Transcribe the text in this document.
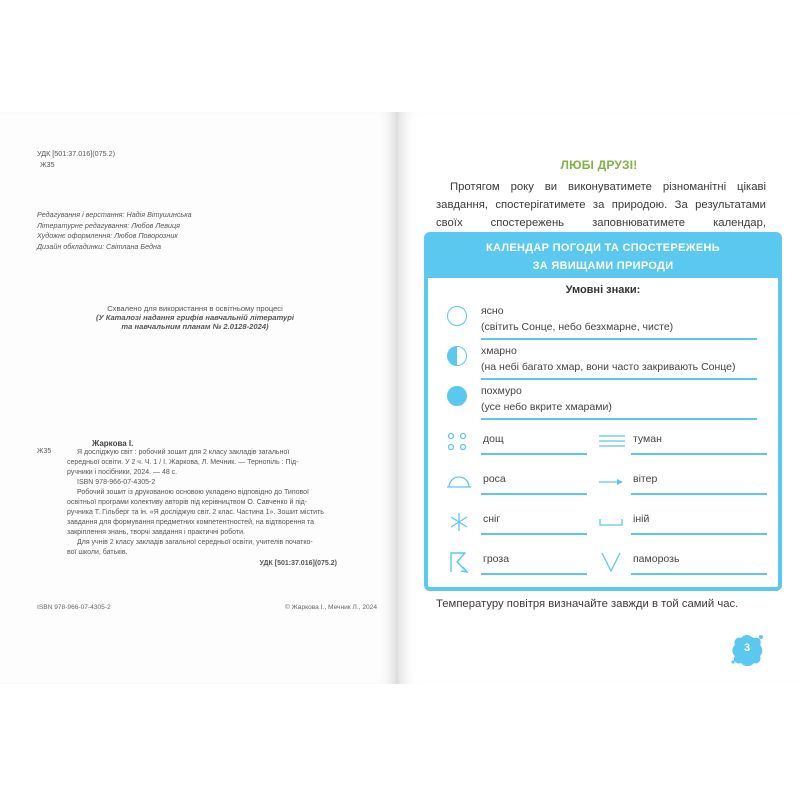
УДК [501:37.016](075.2)
Ж35
Редагування і верстання: Надія Вітушинська
Літературне редагування: Любов Левиця
Художнє оформлення: Любов Поворозник
Дизайн обкладинки: Світлана Бедна
Схвалено для використання в освітньому процесі
(У Каталозі надання грифів навчальній літературі
та навчальним планам № 2.0128-2024)
Жаркова І.
Ж35	Я досліджую світ : робочий зошит для 2 класу закладів загальної
середньої освіти. У 2 ч. Ч. 1 / І. Жаркова, Л. Мечник. — Тернопіль : Під-
ручники і посібники, 2024. — 48 с.
ISBN 978-966-07-4305-2
Робочий зошит із друкованою основою укладено відповідно до Типової
освітньої програми колективу авторів під керівництвом О. Савченко й під-
ручника Т. Гільберг та ін. «Я досліджую світ. 2 клас. Частина 1». Зошит містить
завдання для формування предметних компетентностей, на відтворення та
закріплення знань, творчі завдання і практичні роботи.
Для учнів 2 класу закладів загальної середньої освіти, учителів початко-
вої школи, батьків.
УДК [501:37.016](075.2)
ISBN 978-966-07-4305-2	© Жаркова І., Мечник Л., 2024
ЛЮБІ ДРУЗІ!
Протягом року ви виконуватимете різноманітні цікаві завдання, спостерігатимете за природою. За результатами своїх спостережень заповнюватимете календар,
КАЛЕНДАР ПОГОДИ ТА СПОСТЕРЕЖЕНЬ
ЗА ЯВИЩАМИ ПРИРОДИ
Умовні знаки:
ясно
(світить Сонце, небо безхмарне, чисте)
хмарно
(на небі багато хмар, вони часто закривають Сонце)
похмуро
(усе небо вкрите хмарами)
дощ	туман
роса	вітер
сніг	іній
гроза	паморозь
Температуру повітря визначайте завжди в той самий час.
3
